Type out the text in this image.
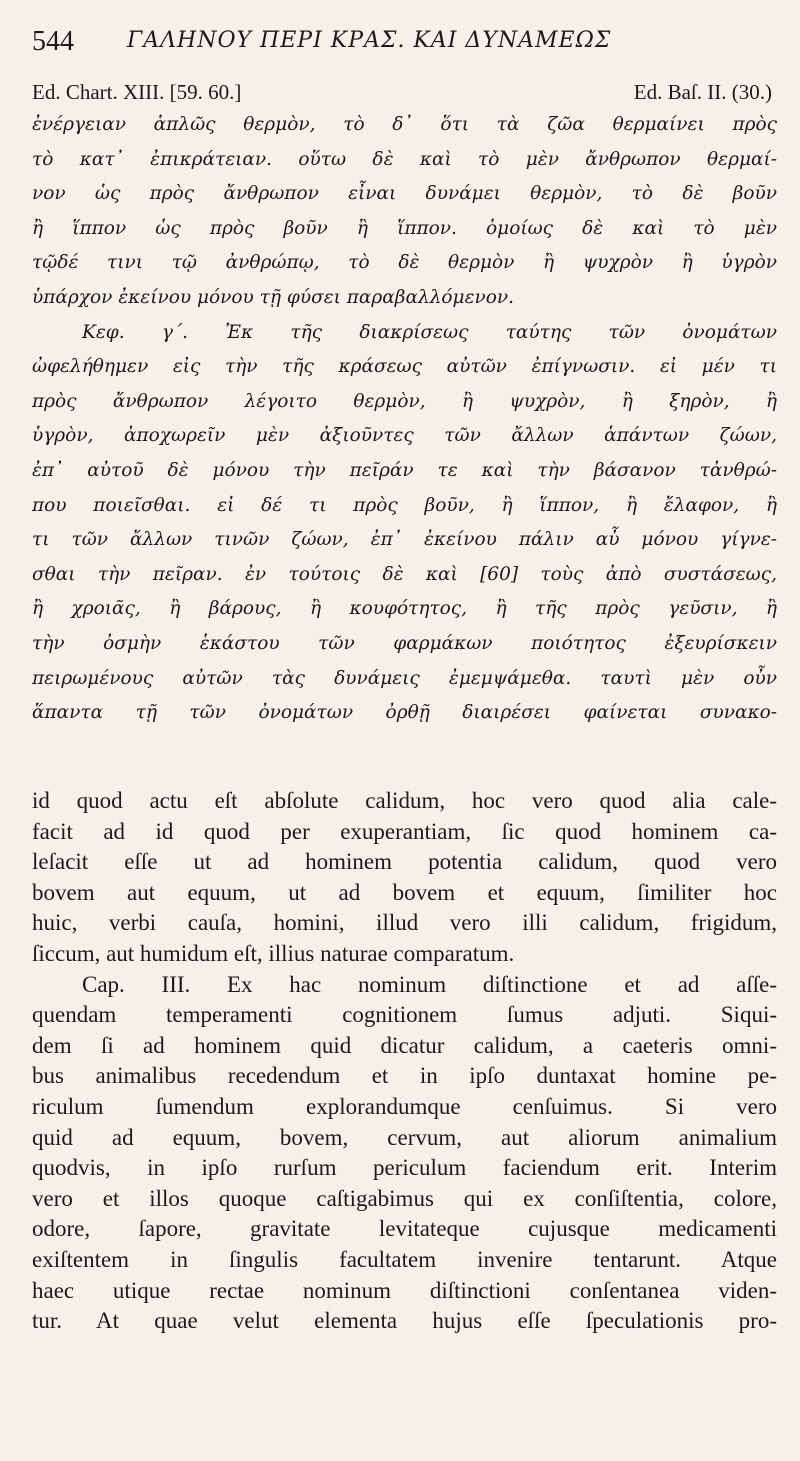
544 ΓΑΛΗΝΟΥ ΠΕΡΙ ΚΡΑΣ. ΚΑΙ ΔΥΝΑΜΕΩΣ
Ed. Chart. XIII. [59. 60.]	Ed. Baſ. II. (30.)
ἐνέργειαν ἁπλῶς θερμὸν, τὸ δ᾽ ὅτι τὰ ζῶα θερμαίνει πρὸς
τὸ κατ᾽ ἐπικράτειαν. οὕτω δὲ καὶ τὸ μὲν ἄνθρωπον θερμαί-
νον ὡς πρὸς ἄνθρωπον εἶναι δυνάμει θερμὸν, τὸ δὲ βοῦν
ἢ ἵππον ὡς πρὸς βοῦν ἢ ἵππον. ὁμοίως δὲ καὶ τὸ μὲν
τῷδέ τινι τῷ ἀνθρώπῳ, τὸ δὲ θερμὸν ἢ ψυχρὸν ἢ ὑγρὸν
ὑπάρχον ἐκείνου μόνου τῇ φύσει παραβαλλόμενον.
Κεφ. γ΄. Ἐκ τῆς διακρίσεως ταύτης τῶν ὀνομάτων
ὠφελήθημεν εἰς τὴν τῆς κράσεως αὐτῶν ἐπίγνωσιν. εἰ μέν τι
πρὸς ἄνθρωπον λέγοιτο θερμὸν, ἢ ψυχρὸν, ἢ ξηρὸν, ἢ
ὑγρὸν, ἀποχωρεῖν μὲν ἀξιοῦντες τῶν ἄλλων ἁπάντων ζώων,
ἐπ᾽ αὐτοῦ δὲ μόνου τὴν πεῖράν τε καὶ τὴν βάσανον τἀνθρώ-
που ποιεῖσθαι. εἰ δέ τι πρὸς βοῦν, ἢ ἵππον, ἢ ἔλαφον, ἢ
τι τῶν ἄλλων τινῶν ζώων, ἐπ᾽ ἐκείνου πάλιν αὖ μόνου γίγνε-
σθαι τὴν πεῖραν. ἐν τούτοις δὲ καὶ [60] τοὺς ἀπὸ συστάσεως,
ἢ χροιᾶς, ἢ βάρους, ἢ κουφότητος, ἢ τῆς πρὸς γεῦσιν, ἢ
τὴν ὀσμὴν ἑκάστου τῶν φαρμάκων ποιότητος ἐξευρίσκειν
πειρωμένους αὐτῶν τὰς δυνάμεις ἐμεμψάμεθα. ταυτὶ μὲν οὖν
ἅπαντα τῇ τῶν ὀνομάτων ὀρθῇ διαιρέσει φαίνεται συνακο-
id quod actu eſt abſolute calidum, hoc vero quod alia cale-
facit ad id quod per exuperantiam, ſic quod hominem ca-
leſacit eſſe ut ad hominem potentia calidum, quod vero
bovem aut equum, ut ad bovem et equum, ſimiliter hoc
huic, verbi cauſa, homini, illud vero illi calidum, frigidum,
ſiccum, aut humidum eſt, illius naturae comparatum.
Cap. III. Ex hac nominum diſtinctione et ad aſſe-
quendam temperamenti cognitionem ſumus adjuti. Siqui-
dem ſi ad hominem quid dicatur calidum, a caeteris omni-
bus animalibus recedendum et in ipſo duntaxat homine pe-
riculum ſumendum explorandumque cenſuimus. Si vero
quid ad equum, bovem, cervum, aut aliorum animalium
quodvis, in ipſo rurſum periculum faciendum erit. Interim
vero et illos quoque caſtigabimus qui ex conſiſtentia, colore,
odore, ſapore, gravitate levitateque cujusque medicamenti
exiſtentem in ſingulis facultatem invenire tentarunt. Atque
haec utique rectae nominum diſtinctioni conſentanea viden-
tur. At quae velut elementa hujus eſſe ſpeculationis pro-
